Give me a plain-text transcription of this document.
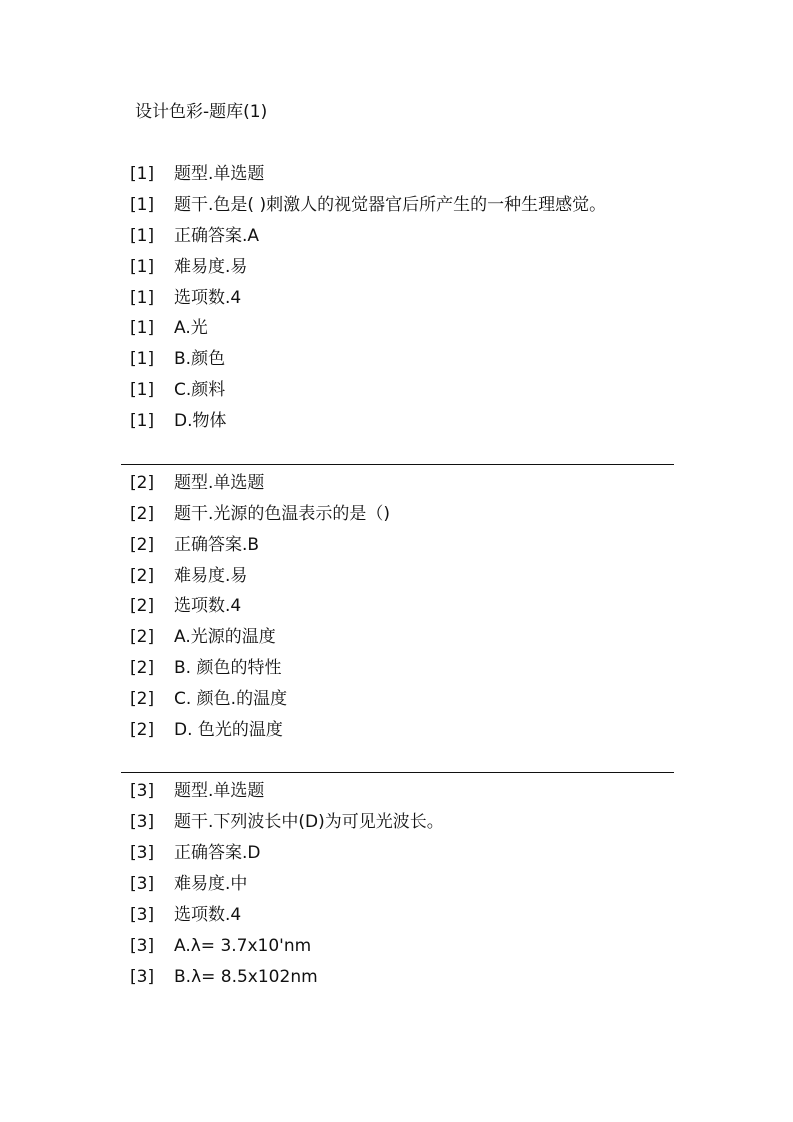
设计色彩-题库(1)
[1] 题型.单选题
[1] 题干.色是( )刺激人的视觉器官后所产生的一种生理感觉。
[1] 正确答案.A
[1] 难易度.易
[1] 选项数.4
[1] A.光
[1] B.颜色
[1] C.颜料
[1] D.物体
[2] 题型.单选题
[2] 题干.光源的色温表示的是（)
[2] 正确答案.B
[2] 难易度.易
[2] 选项数.4
[2] A.光源的温度
[2] B. 颜色的特性
[2] C. 颜色.的温度
[2] D. 色光的温度
[3] 题型.单选题
[3] 题干.下列波长中(D)为可见光波长。
[3] 正确答案.D
[3] 难易度.中
[3] 选项数.4
[3] A.λ= 3.7x10'nm
[3] B.λ= 8.5x102nm
